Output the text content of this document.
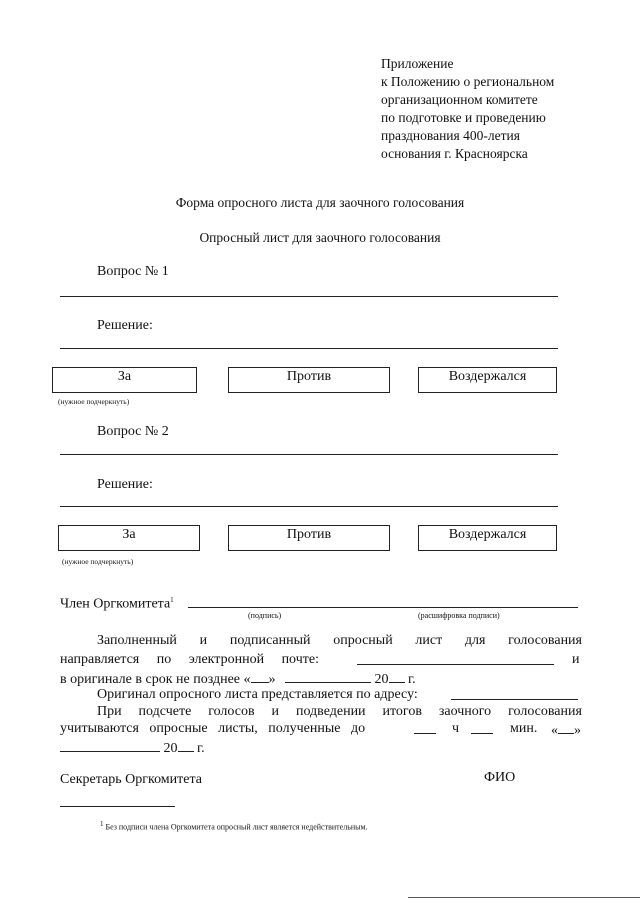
Приложение
к Положению о региональном
организационном комитете
по подготовке и проведению
празднования 400-летия
основания г. Красноярска
Форма опросного листа для заочного голосования
Опросный лист для заочного голосования
Вопрос № 1
Решение:
За	Против	Воздержался
(нужное подчеркнуть)
Вопрос № 2
Решение:
За	Против	Воздержался
(нужное подчеркнуть)
Член Оргкомитета$^1$
(подпись)	(расшифровка подписи)
Заполненный и подписанный опросный лист для голосования
направляется по электронной почте:	и
в оригинале в срок не позднее « »	20 г.
Оригинал опросного листа представляется по адресу:
При подсчете голосов и подведении итогов заочного голосования
учитываются опросные листы, полученные до	ч	мин. « »
20 г.
Секретарь Оргкомитета	ФИО
$^1$ Без подписи члена Оргкомитета опросный лист является недействительным.
